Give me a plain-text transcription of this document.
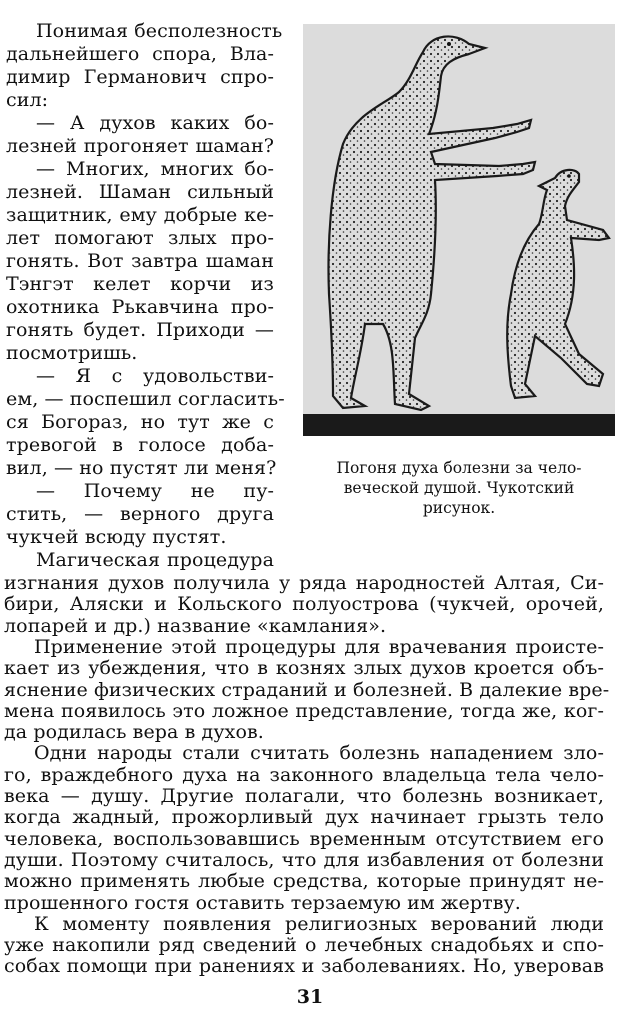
Понимая бесполезность
дальнейшего спора, Вла-
димир Германович спро-
сил:
— А духов каких бо-
лезней прогоняет шаман?
— Многих, многих бо-
лезней. Шаман сильный
защитник, ему добрые ке-
лет помогают злых про-
гонять. Вот завтра шаман
Тэнгэт келет корчи из
охотника Рькавчина про-
гонять будет. Приходи —
посмотришь.
— Я с удовольстви-
ем, — поспешил согласить-
ся Богораз, но тут же с
тревогой в голосе доба-
вил, — но пустят ли меня?
— Почему не пу-
стить, — верного друга
чукчей всюду пустят.
Магическая процедура
Погоня духа болезни за чело-
веческой душой. Чукотский
рисунок.
изгнания духов получила у ряда народностей Алтая, Си-
бири, Аляски и Кольского полуострова (чукчей, орочей,
лопарей и др.) название «камлания».
Применение этой процедуры для врачевания проистe-
кает из убеждения, что в кознях злых духов кроется объ-
яснение физических страданий и болезней. В далекие вре-
мена появилось это ложное представление, тогда же, ког-
да родилась вера в духов.
Одни народы стали считать болезнь нападением зло-
го, враждебного духа на законного владельца тела чело-
века — душу. Другие полагали, что болезнь возникает,
когда жадный, прожорливый дух начинает грызть тело
человека, воспользовавшись временным отсутствием его
души. Поэтому считалось, что для избавления от болезни
можно применять любые средства, которые принудят не-
прошенного гостя оставить терзаемую им жертву.
К моменту появления религиозных верований люди
уже накопили ряд сведений о лечебных снадобьях и спо-
собах помощи при ранениях и заболеваниях. Но, уверовав
31
